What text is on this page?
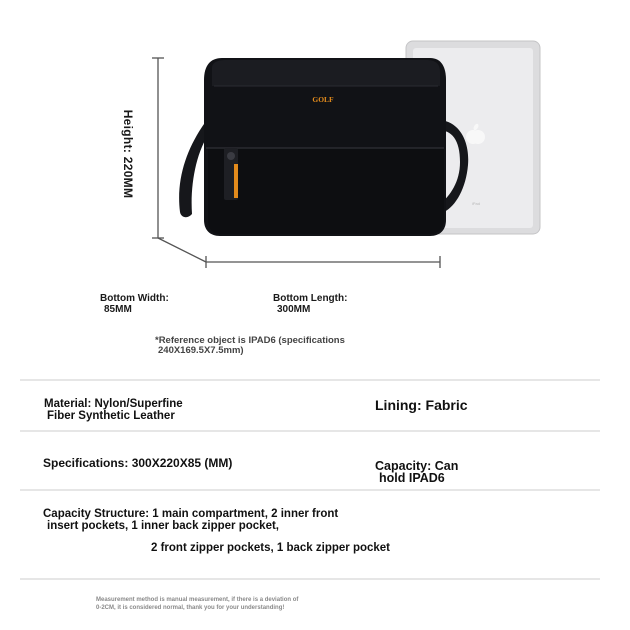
iPad
GOLF
Height: 220MM
Bottom Width:
85MM
Bottom Length:
300MM
*Reference object is IPAD6 (specifications
240X169.5X7.5mm)
Material: Nylon/Superfine
Fiber Synthetic Leather
Lining: Fabric
Specifications: 300X220X85 (MM)	Capacity: Can
hold IPAD6
Capacity Structure: 1 main compartment, 2 inner front
insert pockets, 1 inner back zipper pocket,
2 front zipper pockets, 1 back zipper pocket
Measurement method is manual measurement, if there is a deviation of
0-2CM, it is considered normal, thank you for your understanding!
